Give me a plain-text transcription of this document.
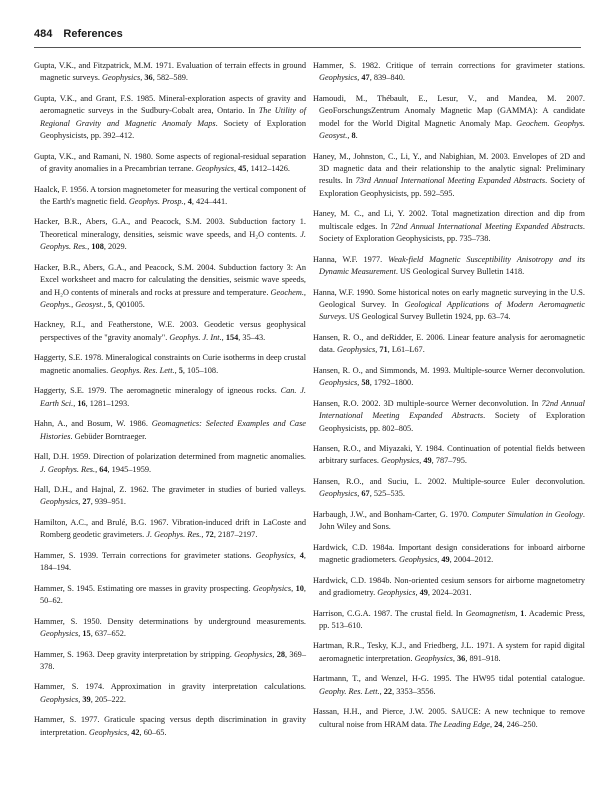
484 References

Gupta, V.K., and Fitzpatrick, M.M. 1971. Evaluation of terrain effects in ground magnetic surveys. Geophysics, 36, 582–589.

Gupta, V.K., and Grant, F.S. 1985. Mineral-exploration aspects of gravity and aeromagnetic surveys in the Sudbury-Cobalt area, Ontario. In The Utility of Regional Gravity and Magnetic Anomaly Maps. Society of Exploration Geophysicists, pp. 392–412.

Gupta, V.K., and Ramani, N. 1980. Some aspects of regional-residual separation of gravity anomalies in a Precambrian terrane. Geophysics, 45, 1412–1426.

Haalck, F. 1956. A torsion magnetometer for measuring the vertical component of the Earth's magnetic field. Geophys. Prosp., 4, 424–441.

Hacker, B.R., Abers, G.A., and Peacock, S.M. 2003. Subduction factory 1. Theoretical mineralogy, densities, seismic wave speeds, and H₂O contents. J. Geophys. Res., 108, 2029.

Hacker, B.R., Abers, G.A., and Peacock, S.M. 2004. Subduction factory 3: An Excel worksheet and macro for calculating the densities, seismic wave speeds, and H₂O contents of minerals and rocks at pressure and temperature. Geochem., Geophys., Geosyst., 5, Q01005.

Hackney, R.I., and Featherstone, W.E. 2003. Geodetic versus geophysical perspectives of the "gravity anomaly". Geophys. J. Int., 154, 35–43.

Haggerty, S.E. 1978. Mineralogical constraints on Curie isotherms in deep crustal magnetic anomalies. Geophys. Res. Lett., 5, 105–108.

Haggerty, S.E. 1979. The aeromagnetic mineralogy of igneous rocks. Can. J. Earth Sci., 16, 1281–1293.

Hahn, A., and Bosum, W. 1986. Geomagnetics: Selected Examples and Case Histories. Gebüder Borntraeger.

Hall, D.H. 1959. Direction of polarization determined from magnetic anomalies. J. Geophys. Res., 64, 1945–1959.

Hall, D.H., and Hajnal, Z. 1962. The gravimeter in studies of buried valleys. Geophysics, 27, 939–951.

Hamilton, A.C., and Brulé, B.G. 1967. Vibration-induced drift in LaCoste and Romberg geodetic gravimeters. J. Geophys. Res., 72, 2187–2197.

Hammer, S. 1939. Terrain corrections for gravimeter stations. Geophysics, 4, 184–194.

Hammer, S. 1945. Estimating ore masses in gravity prospecting. Geophysics, 10, 50–62.

Hammer, S. 1950. Density determinations by underground measurements. Geophysics, 15, 637–652.

Hammer, S. 1963. Deep gravity interpretation by stripping. Geophysics, 28, 369–378.

Hammer, S. 1974. Approximation in gravity interpretation calculations. Geophysics, 39, 205–222.

Hammer, S. 1977. Graticule spacing versus depth discrimination in gravity interpretation. Geophysics, 42, 60–65.

Hammer, S. 1982. Critique of terrain corrections for gravimeter stations. Geophysics, 47, 839–840.

Hamoudi, M., Thébault, E., Lesur, V., and Mandea, M. 2007. GeoForschungsZentrum Anomaly Magnetic Map (GAMMA): A candidate model for the World Digital Magnetic Anomaly Map. Geochem. Geophys. Geosyst., 8.

Haney, M., Johnston, C., Li, Y., and Nabighian, M. 2003. Envelopes of 2D and 3D magnetic data and their relationship to the analytic signal: Preliminary results. In 73rd Annual International Meeting Expanded Abstracts. Society of Exploration Geophysicists, pp. 592–595.

Haney, M. C., and Li, Y. 2002. Total magnetization direction and dip from multiscale edges. In 72nd Annual International Meeting Expanded Abstracts. Society of Exploration Geophysicists, pp. 735–738.

Hanna, W.F. 1977. Weak-field Magnetic Susceptibility Anisotropy and its Dynamic Measurement. US Geological Survey Bulletin 1418.

Hanna, W.F. 1990. Some historical notes on early magnetic surveying in the U.S. Geological Survey. In Geological Applications of Modern Aeromagnetic Surveys. US Geological Survey Bulletin 1924, pp. 63–74.

Hansen, R. O., and deRidder, E. 2006. Linear feature analysis for aeromagnetic data. Geophysics, 71, L61–L67.

Hansen, R. O., and Simmonds, M. 1993. Multiple-source Werner deconvolution. Geophysics, 58, 1792–1800.

Hansen, R.O. 2002. 3D multiple-source Werner deconvolution. In 72nd Annual International Meeting Expanded Abstracts. Society of Exploration Geophysicists, pp. 802–805.

Hansen, R.O., and Miyazaki, Y. 1984. Continuation of potential fields between arbitrary surfaces. Geophysics, 49, 787–795.

Hansen, R.O., and Suciu, L. 2002. Multiple-source Euler deconvolution. Geophysics, 67, 525–535.

Harbaugh, J.W., and Bonham-Carter, G. 1970. Computer Simulation in Geology. John Wiley and Sons.

Hardwick, C.D. 1984a. Important design considerations for inboard airborne magnetic gradiometers. Geophysics, 49, 2004–2012.

Hardwick, C.D. 1984b. Non-oriented cesium sensors for airborne magnetometry and gradiometry. Geophysics, 49, 2024–2031.

Harrison, C.G.A. 1987. The crustal field. In Geomagnetism, 1. Academic Press, pp. 513–610.

Hartman, R.R., Tesky, K.J., and Friedberg, J.L. 1971. A system for rapid digital aeromagnetic interpretation. Geophysics, 36, 891–918.

Hartmann, T., and Wenzel, H-G. 1995. The HW95 tidal potential catalogue. Geophy. Res. Lett., 22, 3353–3556.

Hassan, H.H., and Pierce, J.W. 2005. SAUCE: A new technique to remove cultural noise from HRAM data. The Leading Edge, 24, 246–250.
